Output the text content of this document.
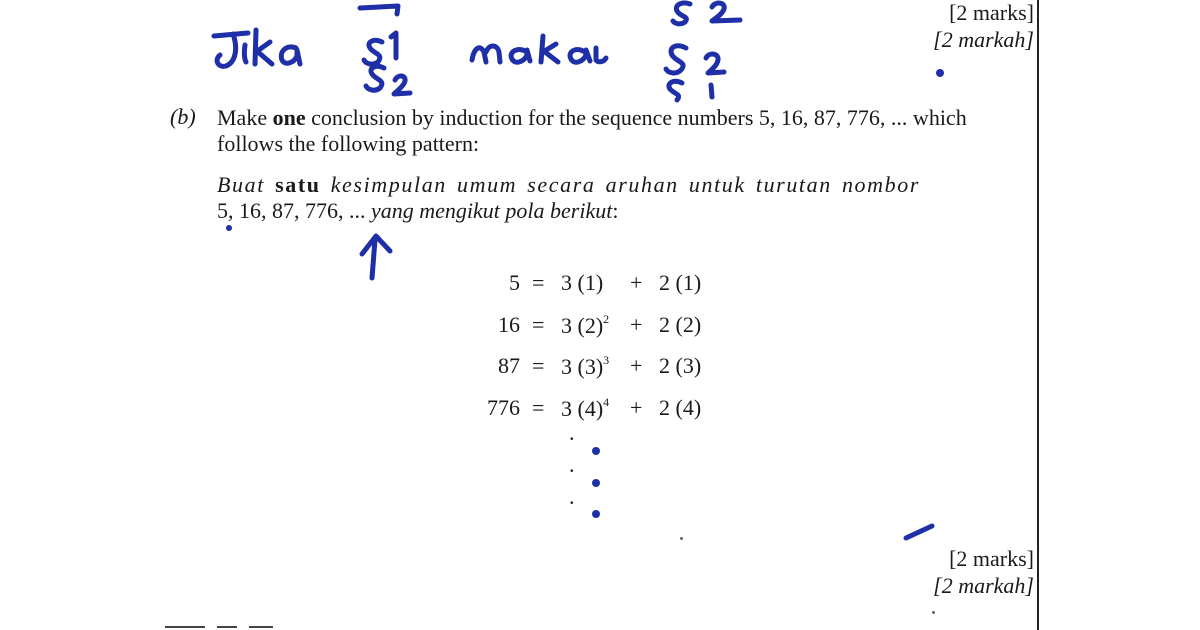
[2 marks]
[2 markah]
(b) Make one conclusion by induction for the sequence numbers 5, 16, 87, 776, ... which follows the following pattern:
Buat satu kesimpulan umum secara aruhan untuk turutan nombor
5, 16, 87, 776, ... yang mengikut pola berikut:
5 = 3 (1) + 2 (1)
16 = 3 $(2)^2 + 2$ (2)
87 = 3 $(3)^3 + 2$ (3)
776 = 3 $(4)^4 + 2$ (4)
.
.
.
[2 marks]
[2 markah]
